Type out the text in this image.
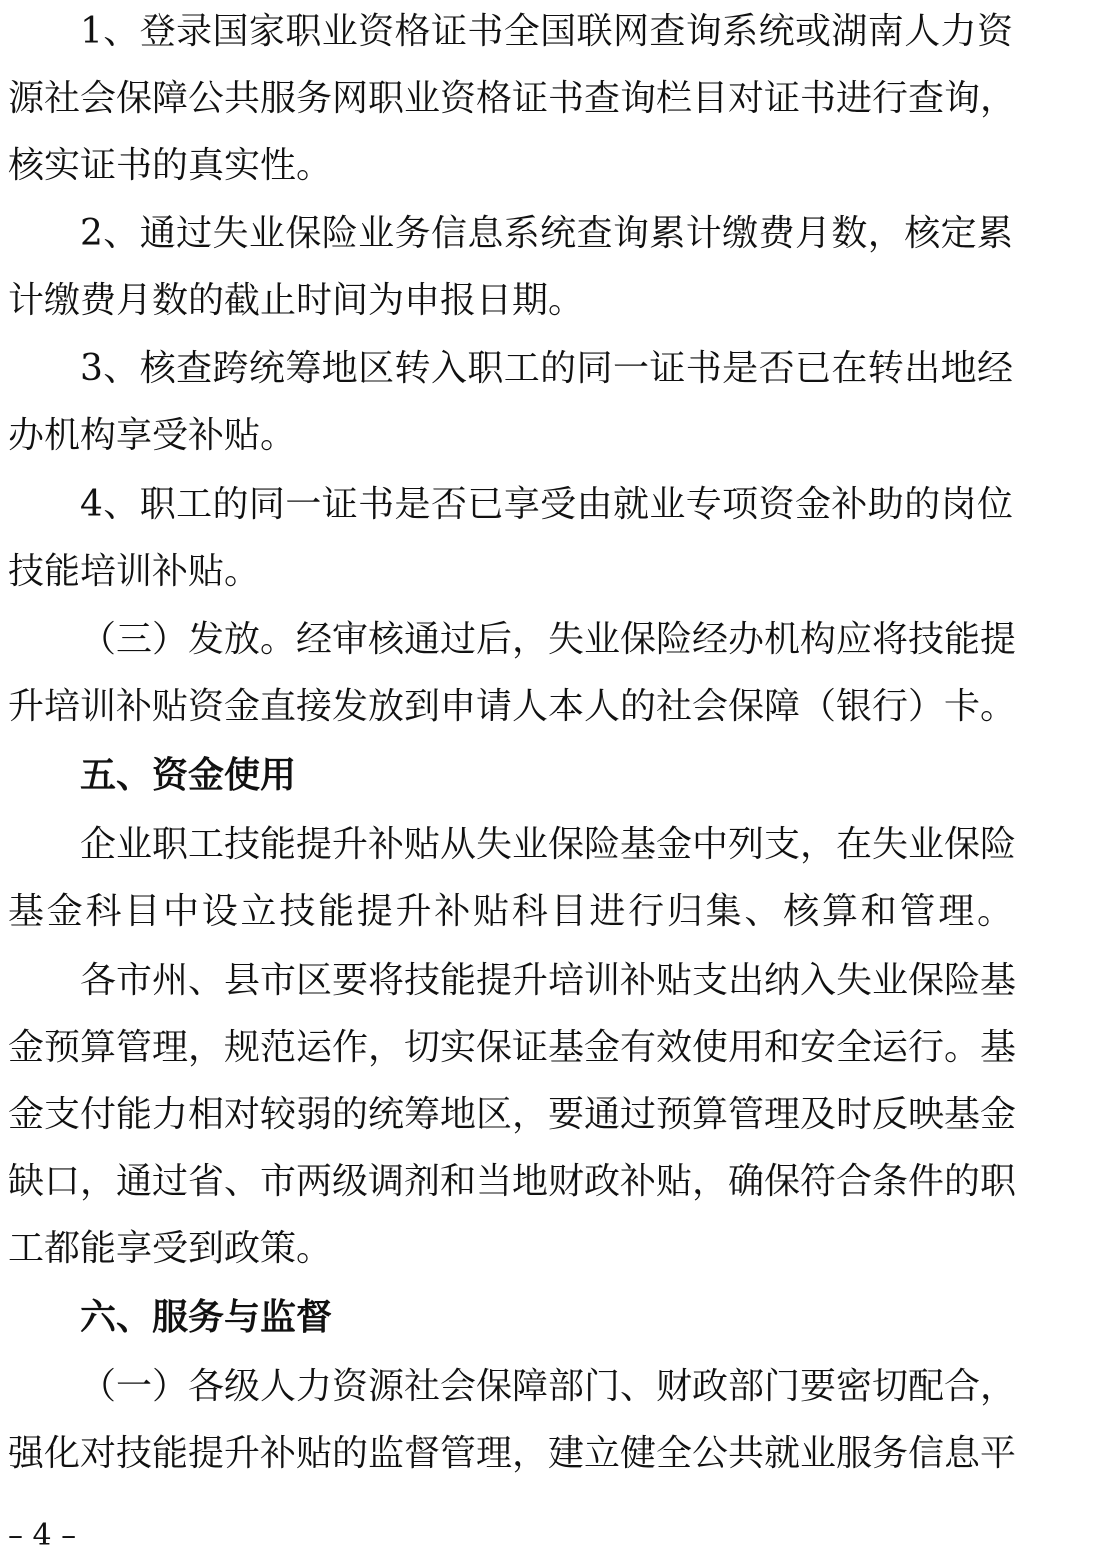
1、登录国家职业资格证书全国联网查询系统或湖南人力资
源社会保障公共服务网职业资格证书查询栏目对证书进行查询，
核实证书的真实性。
2、通过失业保险业务信息系统查询累计缴费月数，核定累
计缴费月数的截止时间为申报日期。
3、核查跨统筹地区转入职工的同一证书是否已在转出地经
办机构享受补贴。
4、职工的同一证书是否已享受由就业专项资金补助的岗位
技能培训补贴。
（三）发放。经审核通过后，失业保险经办机构应将技能提
升培训补贴资金直接发放到申请人本人的社会保障（银行）卡。
五、资金使用
企业职工技能提升补贴从失业保险基金中列支，在失业保险
基金科目中设立技能提升补贴科目进行归集、核算和管理。
各市州、县市区要将技能提升培训补贴支出纳入失业保险基
金预算管理，规范运作，切实保证基金有效使用和安全运行。基
金支付能力相对较弱的统筹地区，要通过预算管理及时反映基金
缺口，通过省、市两级调剂和当地财政补贴，确保符合条件的职
工都能享受到政策。
六、服务与监督
（一）各级人力资源社会保障部门、财政部门要密切配合，
强化对技能提升补贴的监督管理，建立健全公共就业服务信息平
– 4 –
